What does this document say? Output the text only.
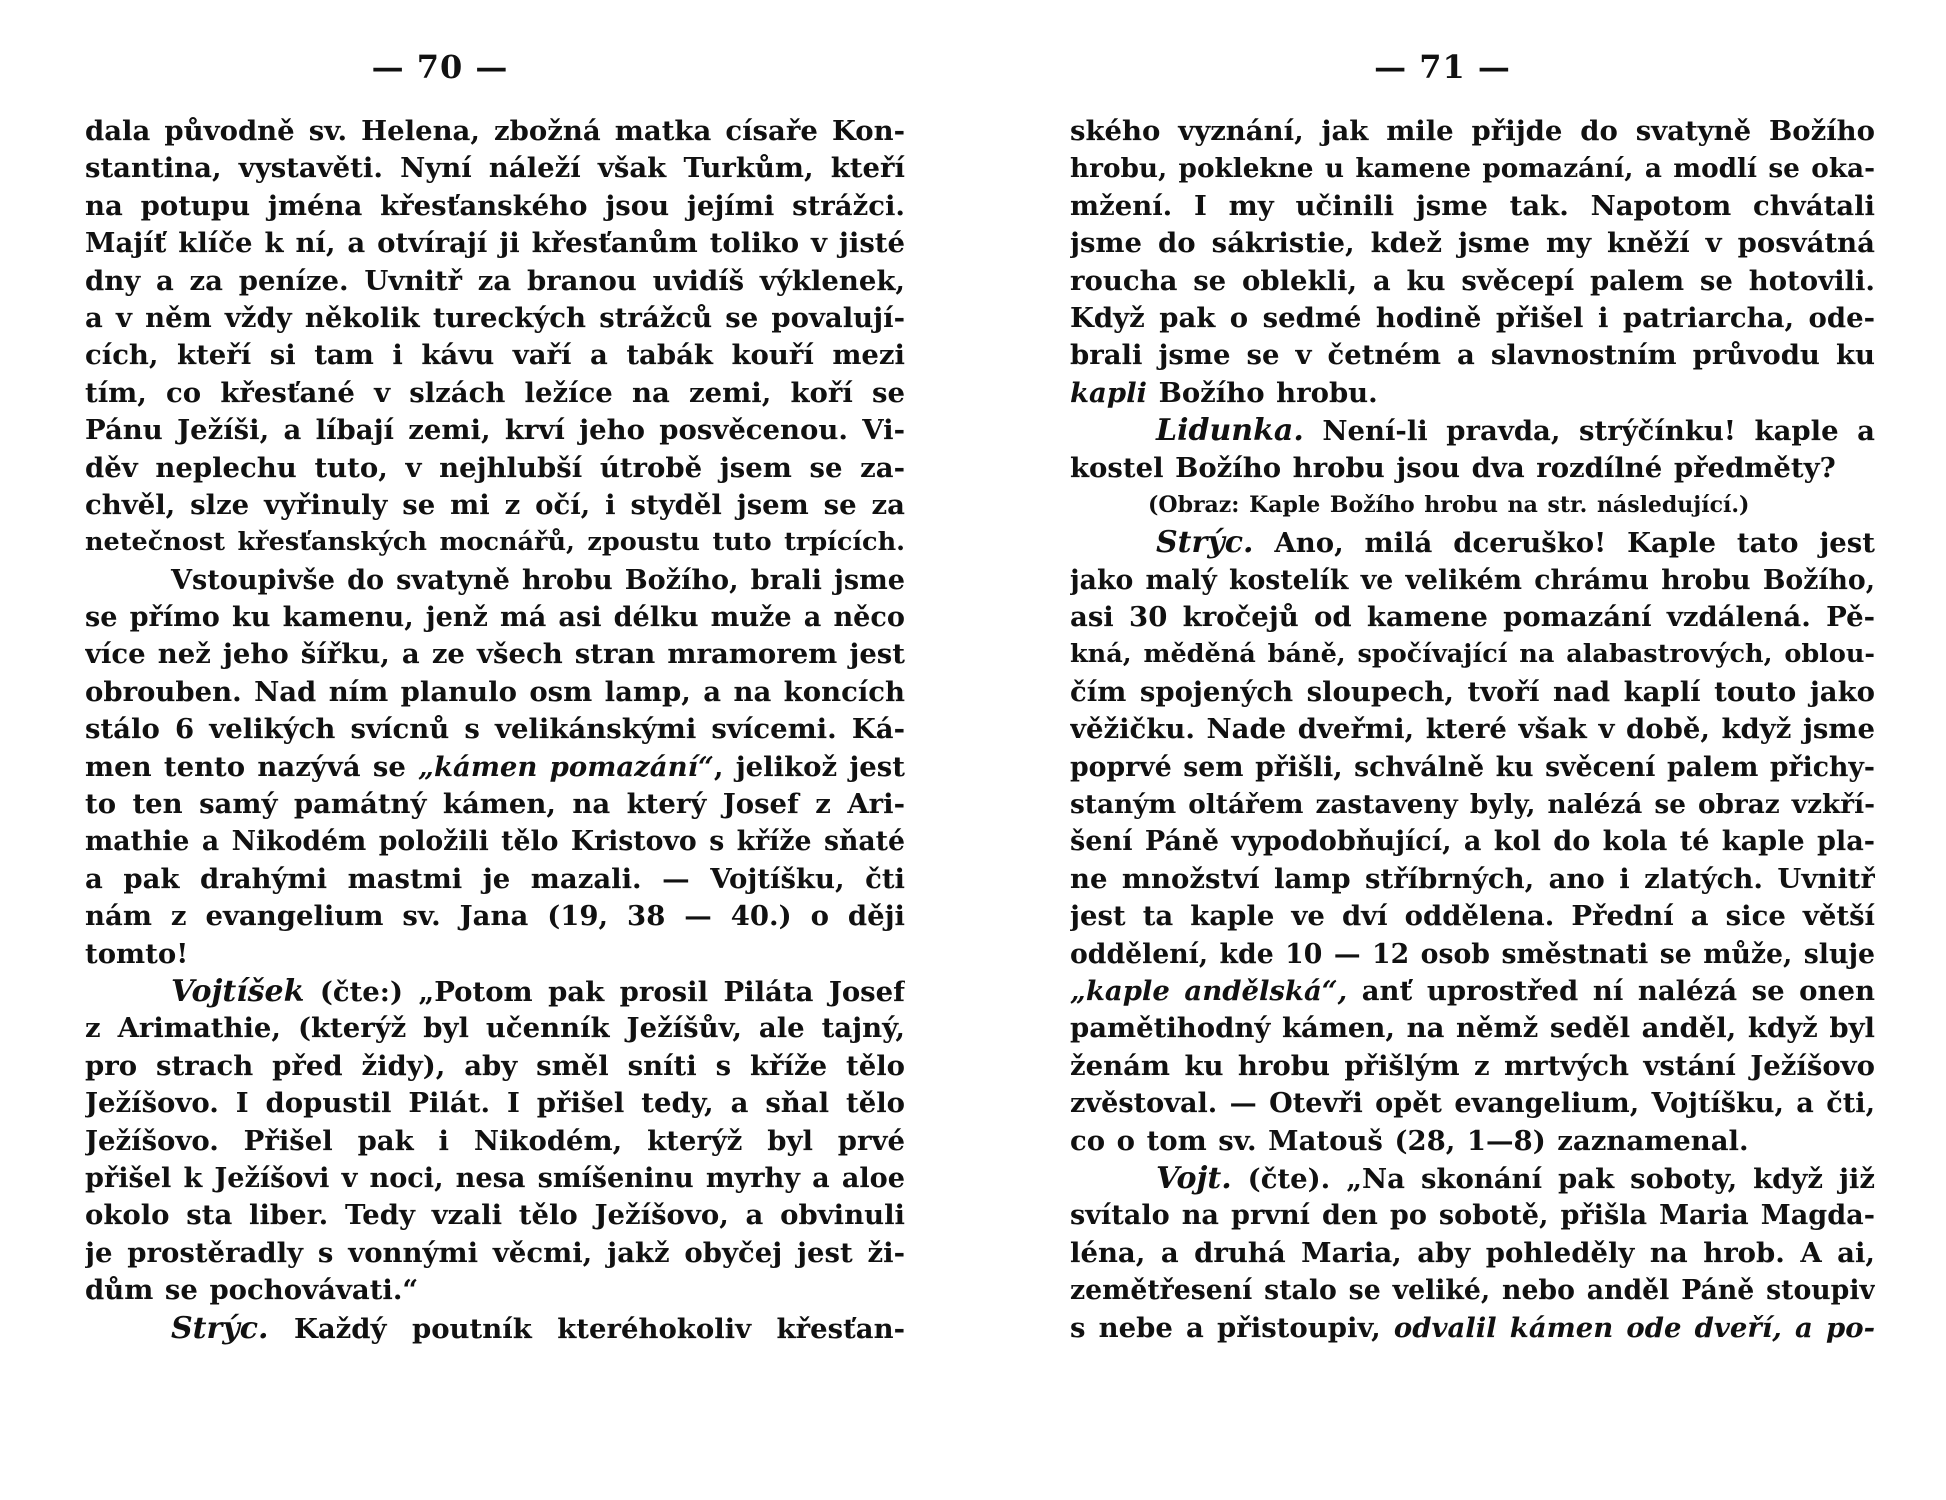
— 70 —
dala původně sv. Helena, zbožná matka císaře Kon-
stantina, vystavěti. Nyní náleží však Turkům, kteří
na potupu jména křesťanského jsou jejími strážci.
Majíť klíče k ní, a otvírají ji křesťanům toliko v jisté
dny a za peníze. Uvnitř za branou uvidíš výklenek,
a v něm vždy několik tureckých strážců se povalují-
cích, kteří si tam i kávu vaří a tabák kouří mezi
tím, co křesťané v slzách ležíce na zemi, koří se
Pánu Ježíši, a líbají zemi, krví jeho posvěcenou. Vi-
děv neplechu tuto, v nejhlubší útrobě jsem se za-
chvěl, slze vyřinuly se mi z očí, i styděl jsem se za
netečnost křesťanských mocnářů, zpoustu tuto trpících.
Vstoupivše do svatyně hrobu Božího, brali jsme
se přímo ku kamenu, jenž má asi délku muže a něco
více než jeho šířku, a ze všech stran mramorem jest
obrouben. Nad ním planulo osm lamp, a na koncích
stálo 6 velikých svícnů s velikánskými svícemi. Ká-
men tento nazývá se „kámen pomazání“, jelikož jest
to ten samý památný kámen, na který Josef z Ari-
mathie a Nikodém položili tělo Kristovo s kříže sňaté
a pak drahými mastmi je mazali. — Vojtíšku, čti
nám z evangelium sv. Jana (19, 38 — 40.) o ději
tomto!
Vojtíšek (čte:) „Potom pak prosil Piláta Josef
z Arimathie, (kterýž byl učenník Ježíšův, ale tajný,
pro strach před židy), aby směl sníti s kříže tělo
Ježíšovo. I dopustil Pilát. I přišel tedy, a sňal tělo
Ježíšovo. Přišel pak i Nikodém, kterýž byl prvé
přišel k Ježíšovi v noci, nesa smíšeninu myrhy a aloe
okolo sta liber. Tedy vzali tělo Ježíšovo, a obvinuli
je prostěradly s vonnými věcmi, jakž obyčej jest ži-
dům se pochovávati.“
Strýc. Každý poutník kteréhokoliv křesťan-
— 71 —
ského vyznání, jak mile přijde do svatyně Božího
hrobu, poklekne u kamene pomazání, a modlí se oka-
mžení. I my učinili jsme tak. Napotom chvátali
jsme do sákristie, kdež jsme my kněží v posvátná
roucha se oblekli, a ku svěcepí palem se hotovili.
Když pak o sedmé hodině přišel i patriarcha, ode-
brali jsme se v četném a slavnostním průvodu ku
kapli Božího hrobu.
Lidunka. Není-li pravda, strýčínku! kaple a
kostel Božího hrobu jsou dva rozdílné předměty?
(Obraz: Kaple Božího hrobu na str. následující.)
Strýc. Ano, milá dceruško! Kaple tato jest
jako malý kostelík ve velikém chrámu hrobu Božího,
asi 30 kročejů od kamene pomazání vzdálená. Pě-
kná, měděná báně, spočívající na alabastrových, oblou-
čím spojených sloupech, tvoří nad kaplí touto jako
věžičku. Nade dveřmi, které však v době, když jsme
poprvé sem přišli, schválně ku svěcení palem přichy-
staným oltářem zastaveny byly, nalézá se obraz vzkří-
šení Páně vypodobňující, a kol do kola té kaple pla-
ne množství lamp stříbrných, ano i zlatých. Uvnitř
jest ta kaple ve dví oddělena. Přední a sice větší
oddělení, kde 10 — 12 osob směstnati se může, sluje
„kaple andělská“, anť uprostřed ní nalézá se onen
pamětihodný kámen, na němž seděl anděl, když byl
ženám ku hrobu přišlým z mrtvých vstání Ježíšovo
zvěstoval. — Otevři opět evangelium, Vojtíšku, a čti,
co o tom sv. Matouš (28, 1—8) zaznamenal.
Vojt. (čte). „Na skonání pak soboty, když již
svítalo na první den po sobotě, přišla Maria Magda-
léna, a druhá Maria, aby pohleděly na hrob. A ai,
zemětřesení stalo se veliké, nebo anděl Páně stoupiv
s nebe a přistoupiv, odvalil kámen ode dveří, a po-
